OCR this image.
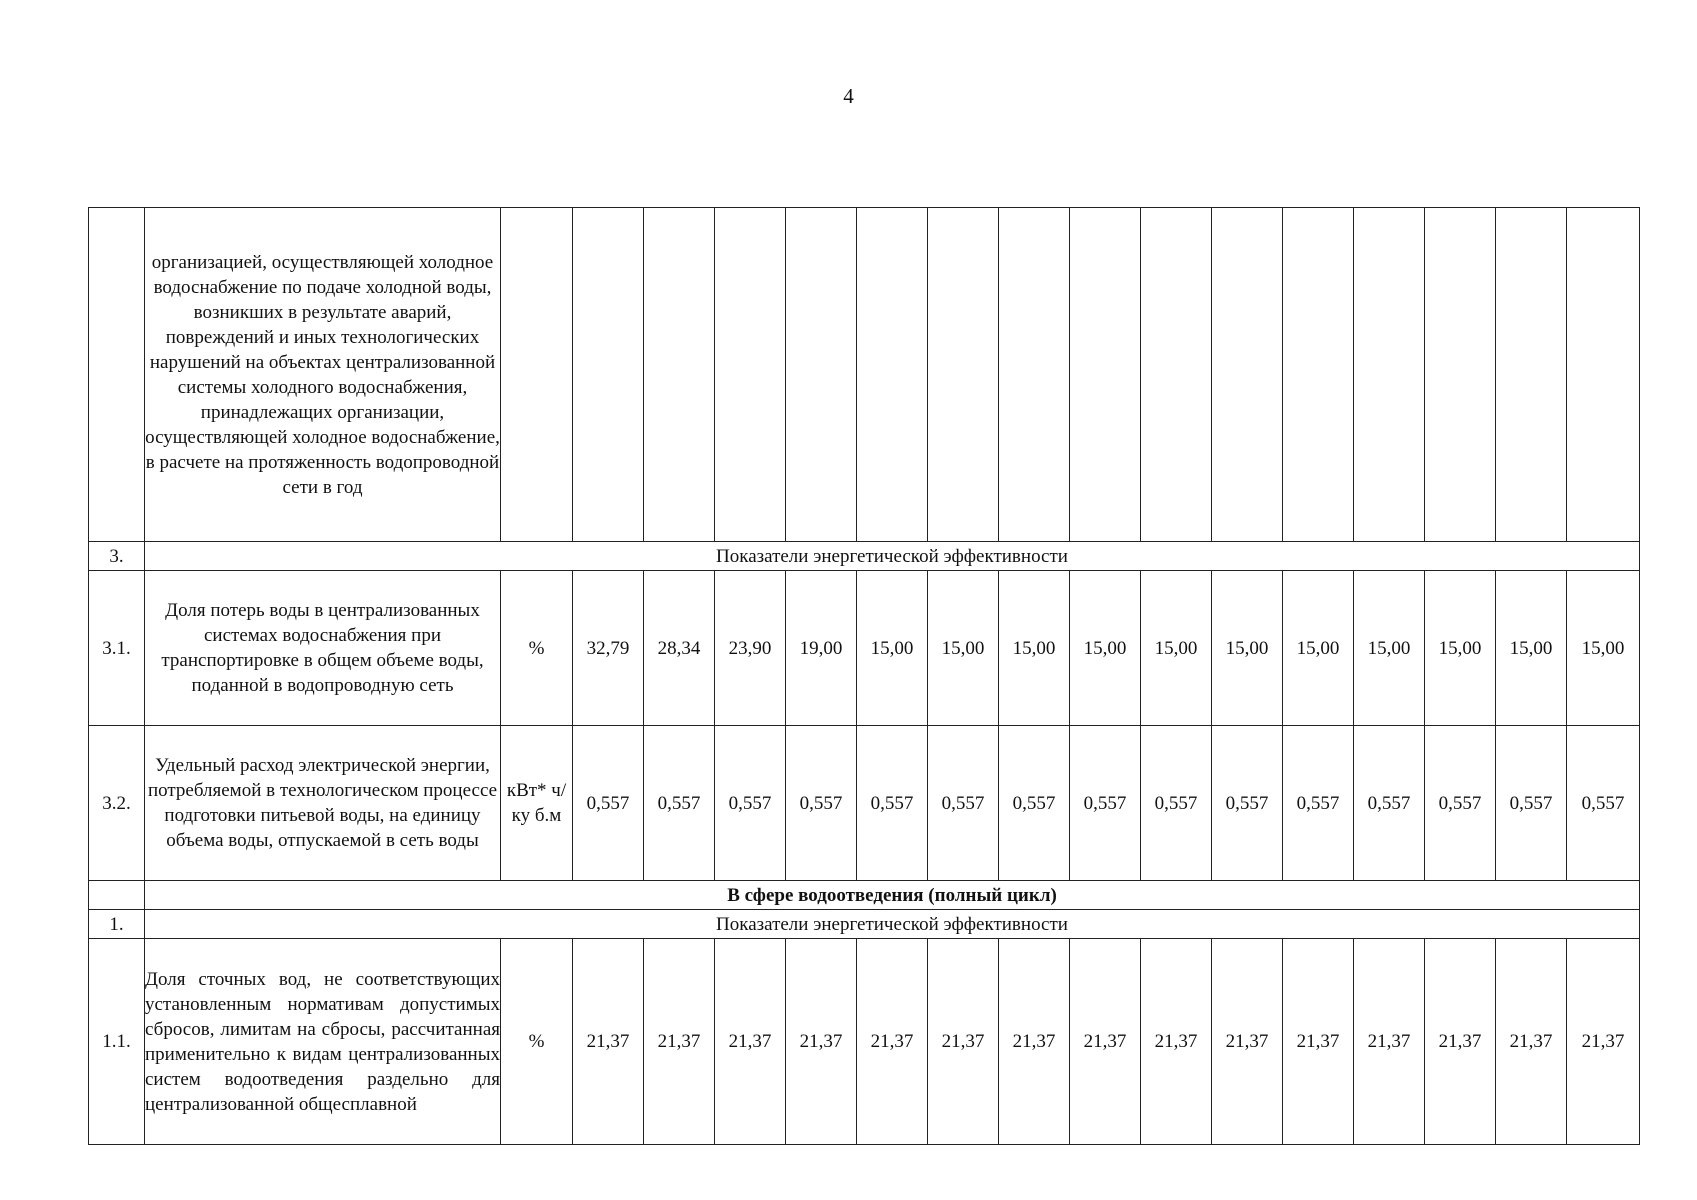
4
	организацией, осуществляющей холодное водоснабжение по подаче холодной воды, возникших в результате аварий, повреждений и иных технологических нарушений на объектах централизованной системы холодного водоснабжения, принадлежащих организации, осуществляющей холодное водоснабжение, в расчете на протяженность водопроводной сети в год																
3.	Показатели энергетической эффективности																
3.1.	Доля потерь воды в централизованных системах водоснабжения при транспортировке в общем объеме воды, поданной в водопроводную сеть	%	32,79	28,34	23,90	19,00	15,00	15,00	15,00	15,00	15,00	15,00	15,00	15,00	15,00	15,00	15,00
3.2.	Удельный расход электрической энергии, потребляемой в технологическом процессе подготовки питьевой воды, на единицу объема воды, отпускаемой в сеть воды	кВт* ч/ку б.м	0,557	0,557	0,557	0,557	0,557	0,557	0,557	0,557	0,557	0,557	0,557	0,557	0,557	0,557	0,557
	В сфере водоотведения (полный цикл)																
1.	Показатели энергетической эффективности																
1.1.	Доля сточных вод, не соответствующих установленным нормативам допустимых сбросов, лимитам на сбросы, рассчитанная применительно к видам централизованных систем водоотведения раздельно для централизованной общесплавной	%	21,37	21,37	21,37	21,37	21,37	21,37	21,37	21,37	21,37	21,37	21,37	21,37	21,37	21,37	21,37
